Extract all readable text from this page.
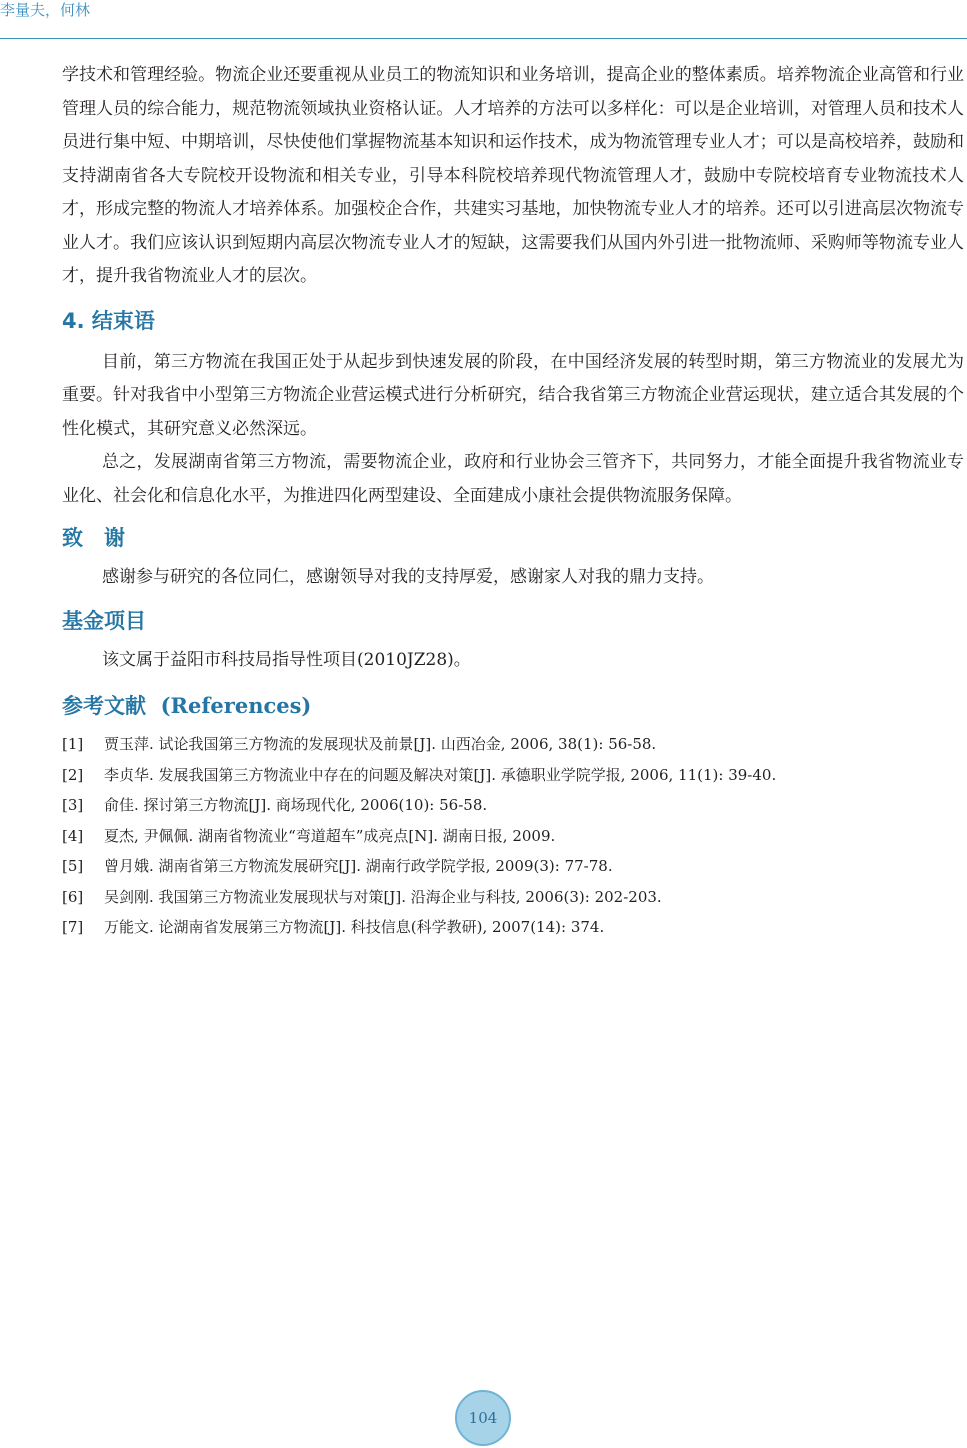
李量夫，何林

学技术和管理经验。物流企业还要重视从业员工的物流知识和业务培训，提高企业的整体素质。培养物流企业高管和行业管理人员的综合能力，规范物流领域执业资格认证。人才培养的方法可以多样化：可以是企业培训，对管理人员和技术人员进行集中短、中期培训，尽快使他们掌握物流基本知识和运作技术，成为物流管理专业人才；可以是高校培养，鼓励和支持湖南省各大专院校开设物流和相关专业，引导本科院校培养现代物流管理人才，鼓励中专院校培育专业物流技术人才，形成完整的物流人才培养体系。加强校企合作，共建实习基地，加快物流专业人才的培养。还可以引进高层次物流专业人才。我们应该认识到短期内高层次物流专业人才的短缺，这需要我们从国内外引进一批物流师、采购师等物流专业人才，提升我省物流业人才的层次。

4. 结束语

目前，第三方物流在我国正处于从起步到快速发展的阶段，在中国经济发展的转型时期，第三方物流业的发展尤为重要。针对我省中小型第三方物流企业营运模式进行分析研究，结合我省第三方物流企业营运现状，建立适合其发展的个性化模式，其研究意义必然深远。

总之，发展湖南省第三方物流，需要物流企业，政府和行业协会三管齐下，共同努力，才能全面提升我省物流业专业化、社会化和信息化水平，为推进四化两型建设、全面建成小康社会提供物流服务保障。

致　谢

感谢参与研究的各位同仁，感谢领导对我的支持厚爱，感谢家人对我的鼎力支持。

基金项目

该文属于益阳市科技局指导性项目(2010JZ28)。

参考文献 (References)
[1]	贾玉萍. 试论我国第三方物流的发展现状及前景[J]. 山西冶金, 2006, 38(1): 56-58.
[2]	李贞华. 发展我国第三方物流业中存在的问题及解决对策[J]. 承德职业学院学报, 2006, 11(1): 39-40.
[3]	俞佳. 探讨第三方物流[J]. 商场现代化, 2006(10): 56-58.
[4]	夏杰, 尹佩佩. 湖南省物流业“弯道超车”成亮点[N]. 湖南日报, 2009.
[5]	曾月娥. 湖南省第三方物流发展研究[J]. 湖南行政学院学报, 2009(3): 77-78.
[6]	吴剑刚. 我国第三方物流业发展现状与对策[J]. 沿海企业与科技, 2006(3): 202-203.
[7]	万能文. 论湖南省发展第三方物流[J]. 科技信息(科学教研), 2007(14): 374.
104
